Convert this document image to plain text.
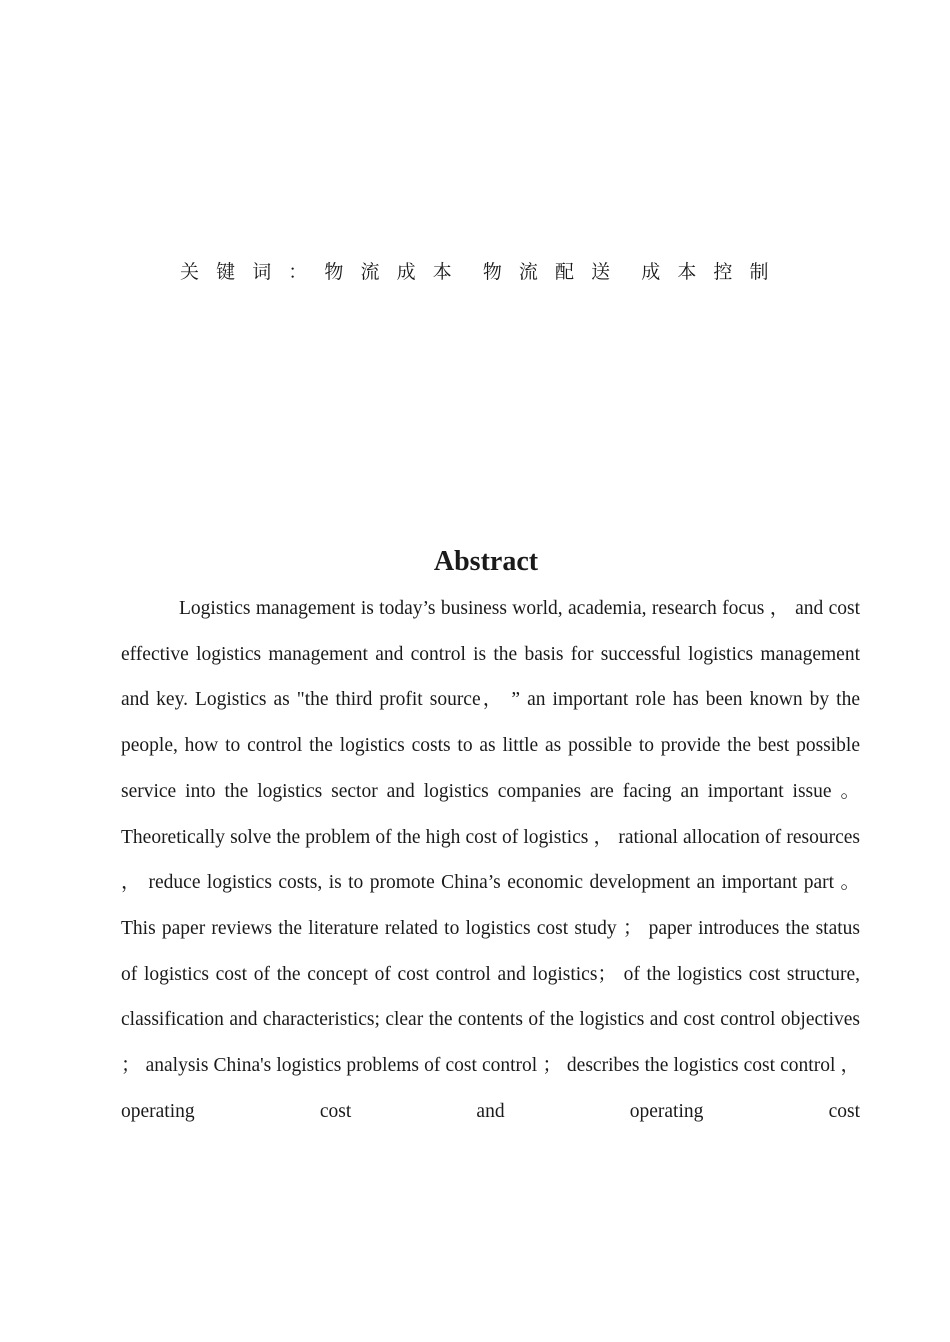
关键词：物流成本 物流配送 成本控制
Abstract

Logistics management is today’s business world, academia, research focus ， and cost effective logistics management and control is the basis for successful logistics management and key. Logistics as "the third profit source， ” an important role has been known by the people, how to control the logistics costs to as little as possible to provide the best possible service into the logistics sector and logistics companies are facing an important issue 。 Theoretically solve the problem of the high cost of logistics ， rational allocation of resources ， reduce logistics costs, is to promote China’s economic development an important part 。 This paper reviews the literature related to logistics cost study ； paper introduces the status of logistics cost of the concept of cost control and logistics； of the logistics cost structure, classification and characteristics; clear the contents of the logistics and cost control objectives ； analysis China's logistics problems of cost control ； describes the logistics cost control ， operating cost and operating cost
